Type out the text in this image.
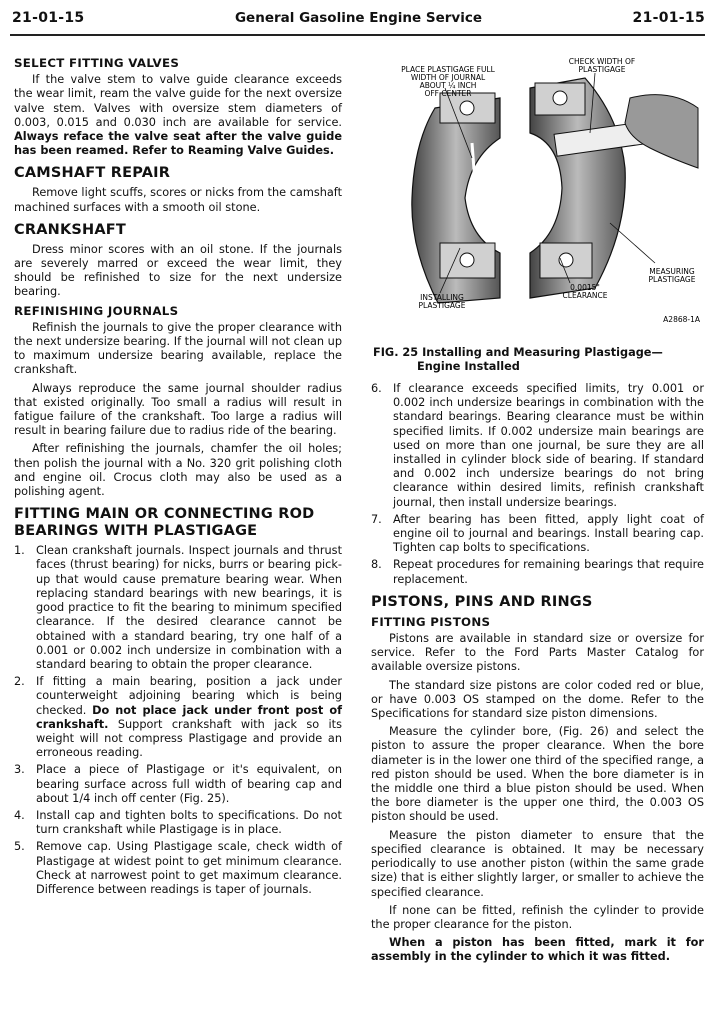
21-01-15	General Gasoline Engine Service	21-01-15
SELECT FITTING VALVES

If the valve stem to valve guide clearance exceeds the wear limit, ream the valve guide for the next oversize valve stem. Valves with oversize stem diameters of 0.003, 0.015 and 0.030 inch are available for service. Always reface the valve seat after the valve guide has been reamed. Refer to Reaming Valve Guides.

CAMSHAFT REPAIR

Remove light scuffs, scores or nicks from the camshaft machined surfaces with a smooth oil stone.

CRANKSHAFT

Dress minor scores with an oil stone. If the journals are severely marred or exceed the wear limit, they should be refinished to size for the next undersize bearing.

REFINISHING JOURNALS

Refinish the journals to give the proper clearance with the next undersize bearing. If the journal will not clean up to maximum undersize bearing available, replace the crankshaft.

Always reproduce the same journal shoulder radius that existed originally. Too small a radius will result in fatigue failure of the crankshaft. Too large a radius will result in bearing failure due to radius ride of the bearing.

After refinishing the journals, chamfer the oil holes; then polish the journal with a No. 320 grit polishing cloth and engine oil. Crocus cloth may also be used as a polishing agent.

FITTING MAIN OR CONNECTING ROD BEARINGS WITH PLASTIGAGE
1. Clean crankshaft journals. Inspect journals and thrust faces (thrust bearing) for nicks, burrs or bearing pick-up that would cause premature bearing wear. When replacing standard bearings with new bearings, it is good practice to fit the bearing to minimum specified clearance. If the desired clearance cannot be obtained with a standard bearing, try one half of a 0.001 or 0.002 inch undersize in combination with a standard bearing to obtain the proper clearance.
2. If fitting a main bearing, position a jack under counterweight adjoining bearing which is being checked. Do not place jack under front post of crankshaft. Support crankshaft with jack so its weight will not compress Plastigage and provide an erroneous reading.
3. Place a piece of Plastigage or it's equivalent, on bearing surface across full width of bearing cap and about 1/4 inch off center (Fig. 25).
4. Install cap and tighten bolts to specifications. Do not turn crankshaft while Plastigage is in place.
5. Remove cap. Using Plastigage scale, check width of Plastigage at widest point to get minimum clearance. Check at narrowest point to get maximum clearance. Difference between readings is taper of journals.
PLACE PLASTIGAGE FULL
WIDTH OF JOURNAL
ABOUT ¼ INCH
OFF CENTER
CHECK WIDTH OF
PLASTIGAGE
MEASURING
PLASTIGAGE
0.0015"
CLEARANCE
INSTALLING
PLASTIGAGE
A2868-1A
FIG. 25 Installing and Measuring Plastigage—
Engine Installed
6. If clearance exceeds specified limits, try 0.001 or 0.002 inch undersize bearings in combination with the standard bearings. Bearing clearance must be within specified limits. If 0.002 undersize main bearings are used on more than one journal, be sure they are all installed in cylinder block side of bearing. If standard and 0.002 inch undersize bearings do not bring clearance within desired limits, refinish crankshaft journal, then install undersize bearings.
7. After bearing has been fitted, apply light coat of engine oil to journal and bearings. Install bearing cap. Tighten cap bolts to specifications.
8. Repeat procedures for remaining bearings that require replacement.
PISTONS, PINS AND RINGS
FITTING PISTONS

Pistons are available in standard size or oversize for service. Refer to the Ford Parts Master Catalog for available oversize pistons.

The standard size pistons are color coded red or blue, or have 0.003 OS stamped on the dome. Refer to the Specifications for standard size piston dimensions.

Measure the cylinder bore, (Fig. 26) and select the piston to assure the proper clearance. When the bore diameter is in the lower one third of the specified range, a red piston should be used. When the bore diameter is in the middle one third a blue piston should be used. When the bore diameter is the upper one third, the 0.003 OS piston should be used.

Measure the piston diameter to ensure that the specified clearance is obtained. It may be necessary periodically to use another piston (within the same grade size) that is either slightly larger, or smaller to achieve the specified clearance.

If none can be fitted, refinish the cylinder to provide the proper clearance for the piston.

When a piston has been fitted, mark it for assembly in the cylinder to which it was fitted.
